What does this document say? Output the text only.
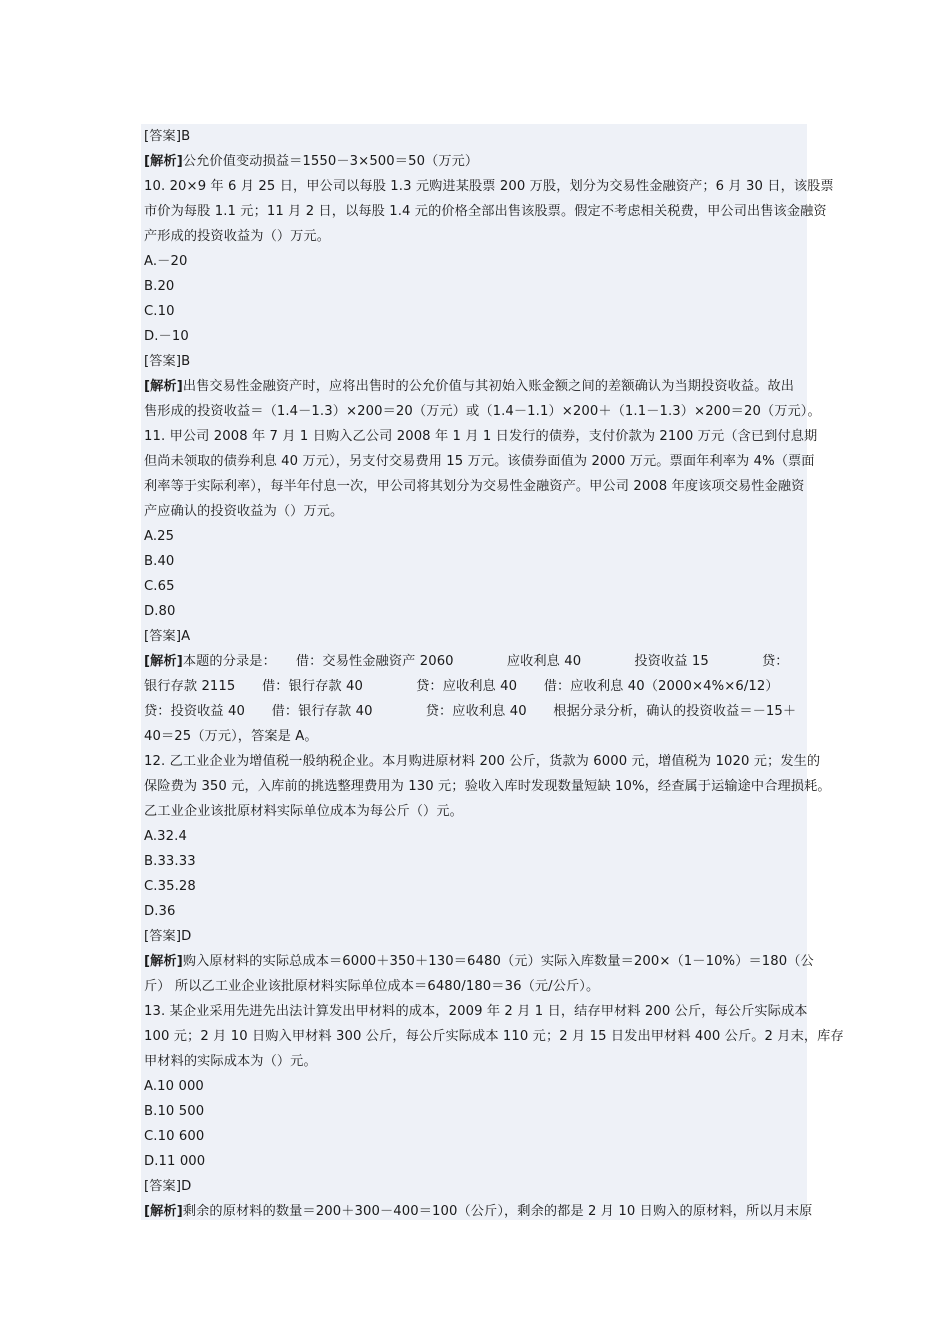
[答案]B
[解析]公允价值变动损益＝1550－3×500＝50（万元）
10. 20×9 年 6 月 25 日，甲公司以每股 1.3 元购进某股票 200 万股，划分为交易性金融资产；6 月 30 日，该股票
市价为每股 1.1 元；11 月 2 日，以每股 1.4 元的价格全部出售该股票。假定不考虑相关税费，甲公司出售该金融资
产形成的投资收益为（）万元。
A.－20
B.20
C.10
D.－10
[答案]B
[解析]出售交易性金融资产时，应将出售时的公允价值与其初始入账金额之间的差额确认为当期投资收益。故出
售形成的投资收益＝（1.4－1.3）×200＝20（万元）或（1.4－1.1）×200＋（1.1－1.3）×200＝20（万元）。
11. 甲公司 2008 年 7 月 1 日购入乙公司 2008 年 1 月 1 日发行的债券，支付价款为 2100 万元（含已到付息期
但尚未领取的债券利息 40 万元），另支付交易费用 15 万元。该债券面值为 2000 万元。票面年利率为 4%（票面
利率等于实际利率），每半年付息一次，甲公司将其划分为交易性金融资产。甲公司 2008 年度该项交易性金融资
产应确认的投资收益为（）万元。
A.25
B.40
C.65
D.80
[答案]A
[解析]本题的分录是：　　借：交易性金融资产 2060　　　　应收利息 40　　　　投资收益 15　　　　贷：
银行存款 2115　　借：银行存款 40　　　　贷：应收利息 40　　借：应收利息 40（2000×4%×6/12）
贷：投资收益 40　　借：银行存款 40　　　　贷：应收利息 40　　根据分录分析，确认的投资收益＝－15＋
40＝25（万元），答案是 A。
12. 乙工业企业为增值税一般纳税企业。本月购进原材料 200 公斤，货款为 6000 元，增值税为 1020 元；发生的
保险费为 350 元，入库前的挑选整理费用为 130 元；验收入库时发现数量短缺 10%，经查属于运输途中合理损耗。
乙工业企业该批原材料实际单位成本为每公斤（）元。
A.32.4
B.33.33
C.35.28
D.36
[答案]D
[解析]购入原材料的实际总成本＝6000＋350＋130＝6480（元）实际入库数量＝200×（1－10%）＝180（公
斤） 所以乙工业企业该批原材料实际单位成本＝6480/180＝36（元/公斤）。
13. 某企业采用先进先出法计算发出甲材料的成本，2009 年 2 月 1 日，结存甲材料 200 公斤，每公斤实际成本
100 元；2 月 10 日购入甲材料 300 公斤，每公斤实际成本 110 元；2 月 15 日发出甲材料 400 公斤。2 月末，库存
甲材料的实际成本为（）元。
A.10 000
B.10 500
C.10 600
D.11 000
[答案]D
[解析]剩余的原材料的数量＝200＋300－400＝100（公斤），剩余的都是 2 月 10 日购入的原材料，所以月末原
